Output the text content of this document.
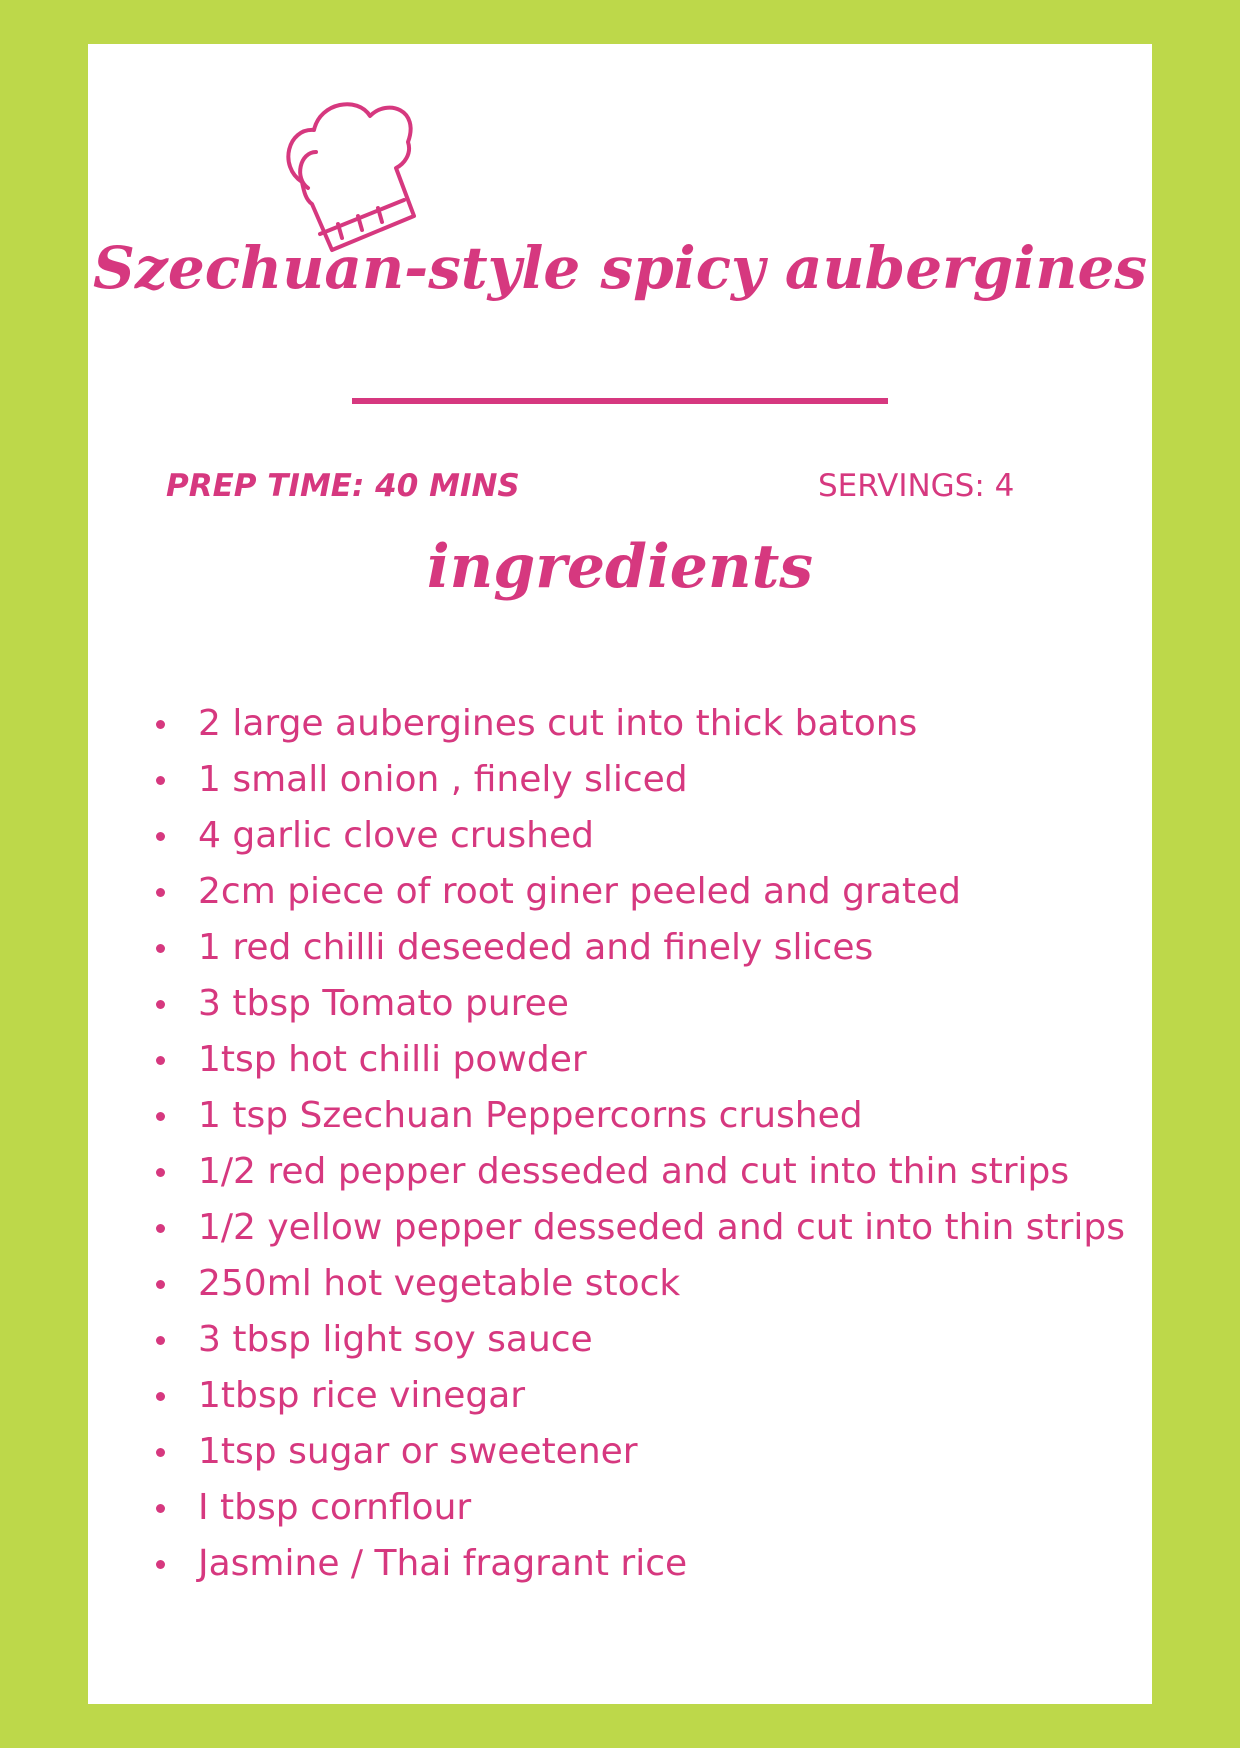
Szechuan-style spicy aubergines
PREP TIME: 40 MINS	SERVINGS: 4
ingredients
2 large aubergines cut into thick batons
1 small onion , finely sliced
4 garlic clove crushed
2cm piece of root giner peeled and grated
1 red chilli deseeded and finely slices
3 tbsp Tomato puree
1tsp hot chilli powder
1 tsp Szechuan Peppercorns crushed
1/2 red pepper desseded and cut into thin strips
1/2 yellow pepper desseded and cut into thin strips
250ml hot vegetable stock
3 tbsp light soy sauce
1tbsp rice vinegar
1tsp sugar or sweetener
I tbsp cornflour
Jasmine / Thai fragrant rice
